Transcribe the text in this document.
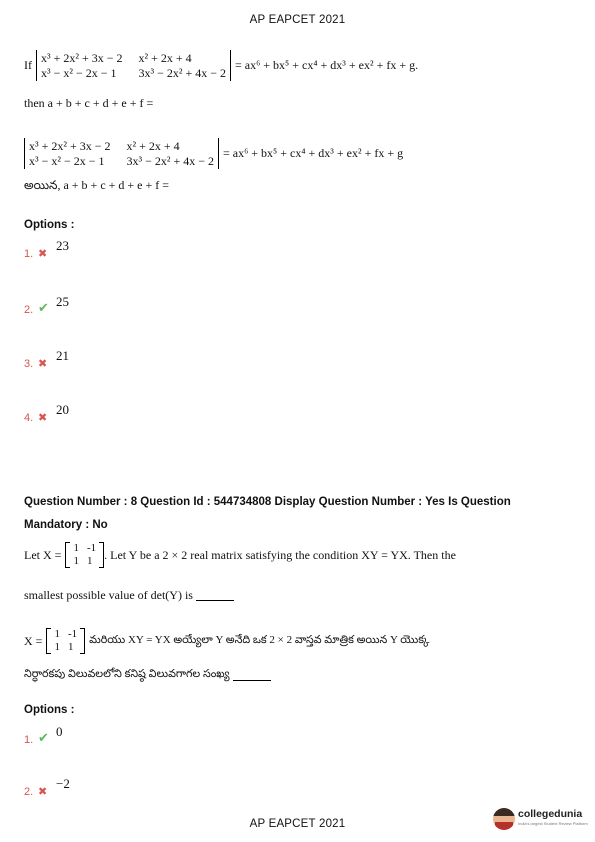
AP EAPCET 2021
If x³ + 2x² + 3x − 2 x² + 2x + 4
x³ − x² − 2x − 1	3x³ − 2x² + 4x − 2
= ax⁶ + bx⁵ + cx⁴ + dx³ + ex² + fx + g.
then a + b + c + d + e + f =
x³ + 2x² + 3x − 2 x² + 2x + 4
x³ − x² − 2x − 1	3x³ − 2x² + 4x − 2
= ax⁶ + bx⁵ + cx⁴ + dx³ + ex² + fx + g
అయిన, a + b + c + d + e + f =
Options :
1. ✖
23
2. ✔ 25
3. ✖
21
4. ✖
20
Question Number : 8 Question Id : 544734808 Display Question Number : Yes Is Question Mandatory : No
Let X = 1 -1
1 1 . Let Y be a 2 × 2 real matrix satisfying the condition XY = YX. Then the
smallest possible value of det(Y) is
X = 1 -1
1 1
మరియు XY = YX అయ్యేలా Y అనేది ఒక 2 × 2 వాస్తవ మాత్రిక అయిన Y యొక్క
నిర్ధారకపు విలువలలోని కనిష్ఠ విలువగాగల సంఖ్య
Options :
1. ✔ 0
2. ✖
−2
AP EAPCET 2021
collegedunia
India's largest Student Review Platform
